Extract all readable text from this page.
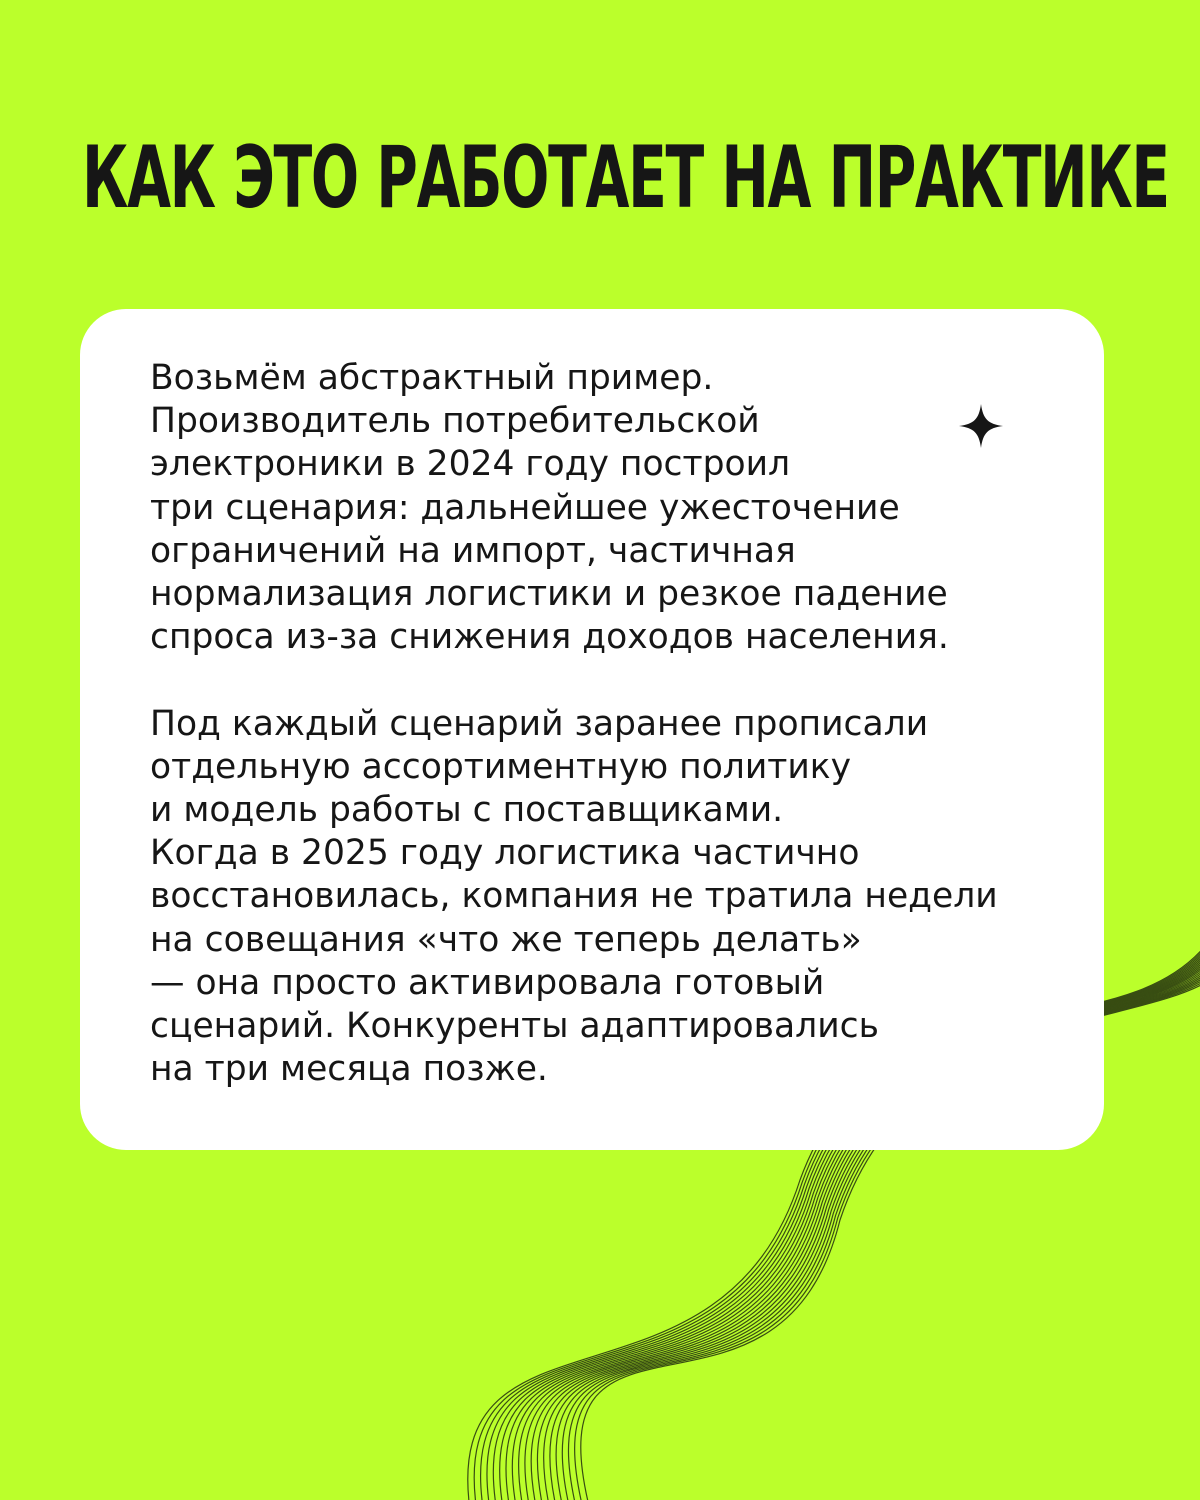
КАК ЭТО РАБОТАЕТ НА ПРАКТИКЕ

Возьмём абстрактный пример.
Производитель потребительской
электроники в 2024 году построил
три сценария: дальнейшее ужесточение
ограничений на импорт, частичная
нормализация логистики и резкое падение
спроса из-за снижения доходов населения.

Под каждый сценарий заранее прописали
отдельную ассортиментную политику
и модель работы с поставщиками.
Когда в 2025 году логистика частично
восстановилась, компания не тратила недели
на совещания «что же теперь делать»
— она просто активировала готовый
сценарий. Конкуренты адаптировались
на три месяца позже.
